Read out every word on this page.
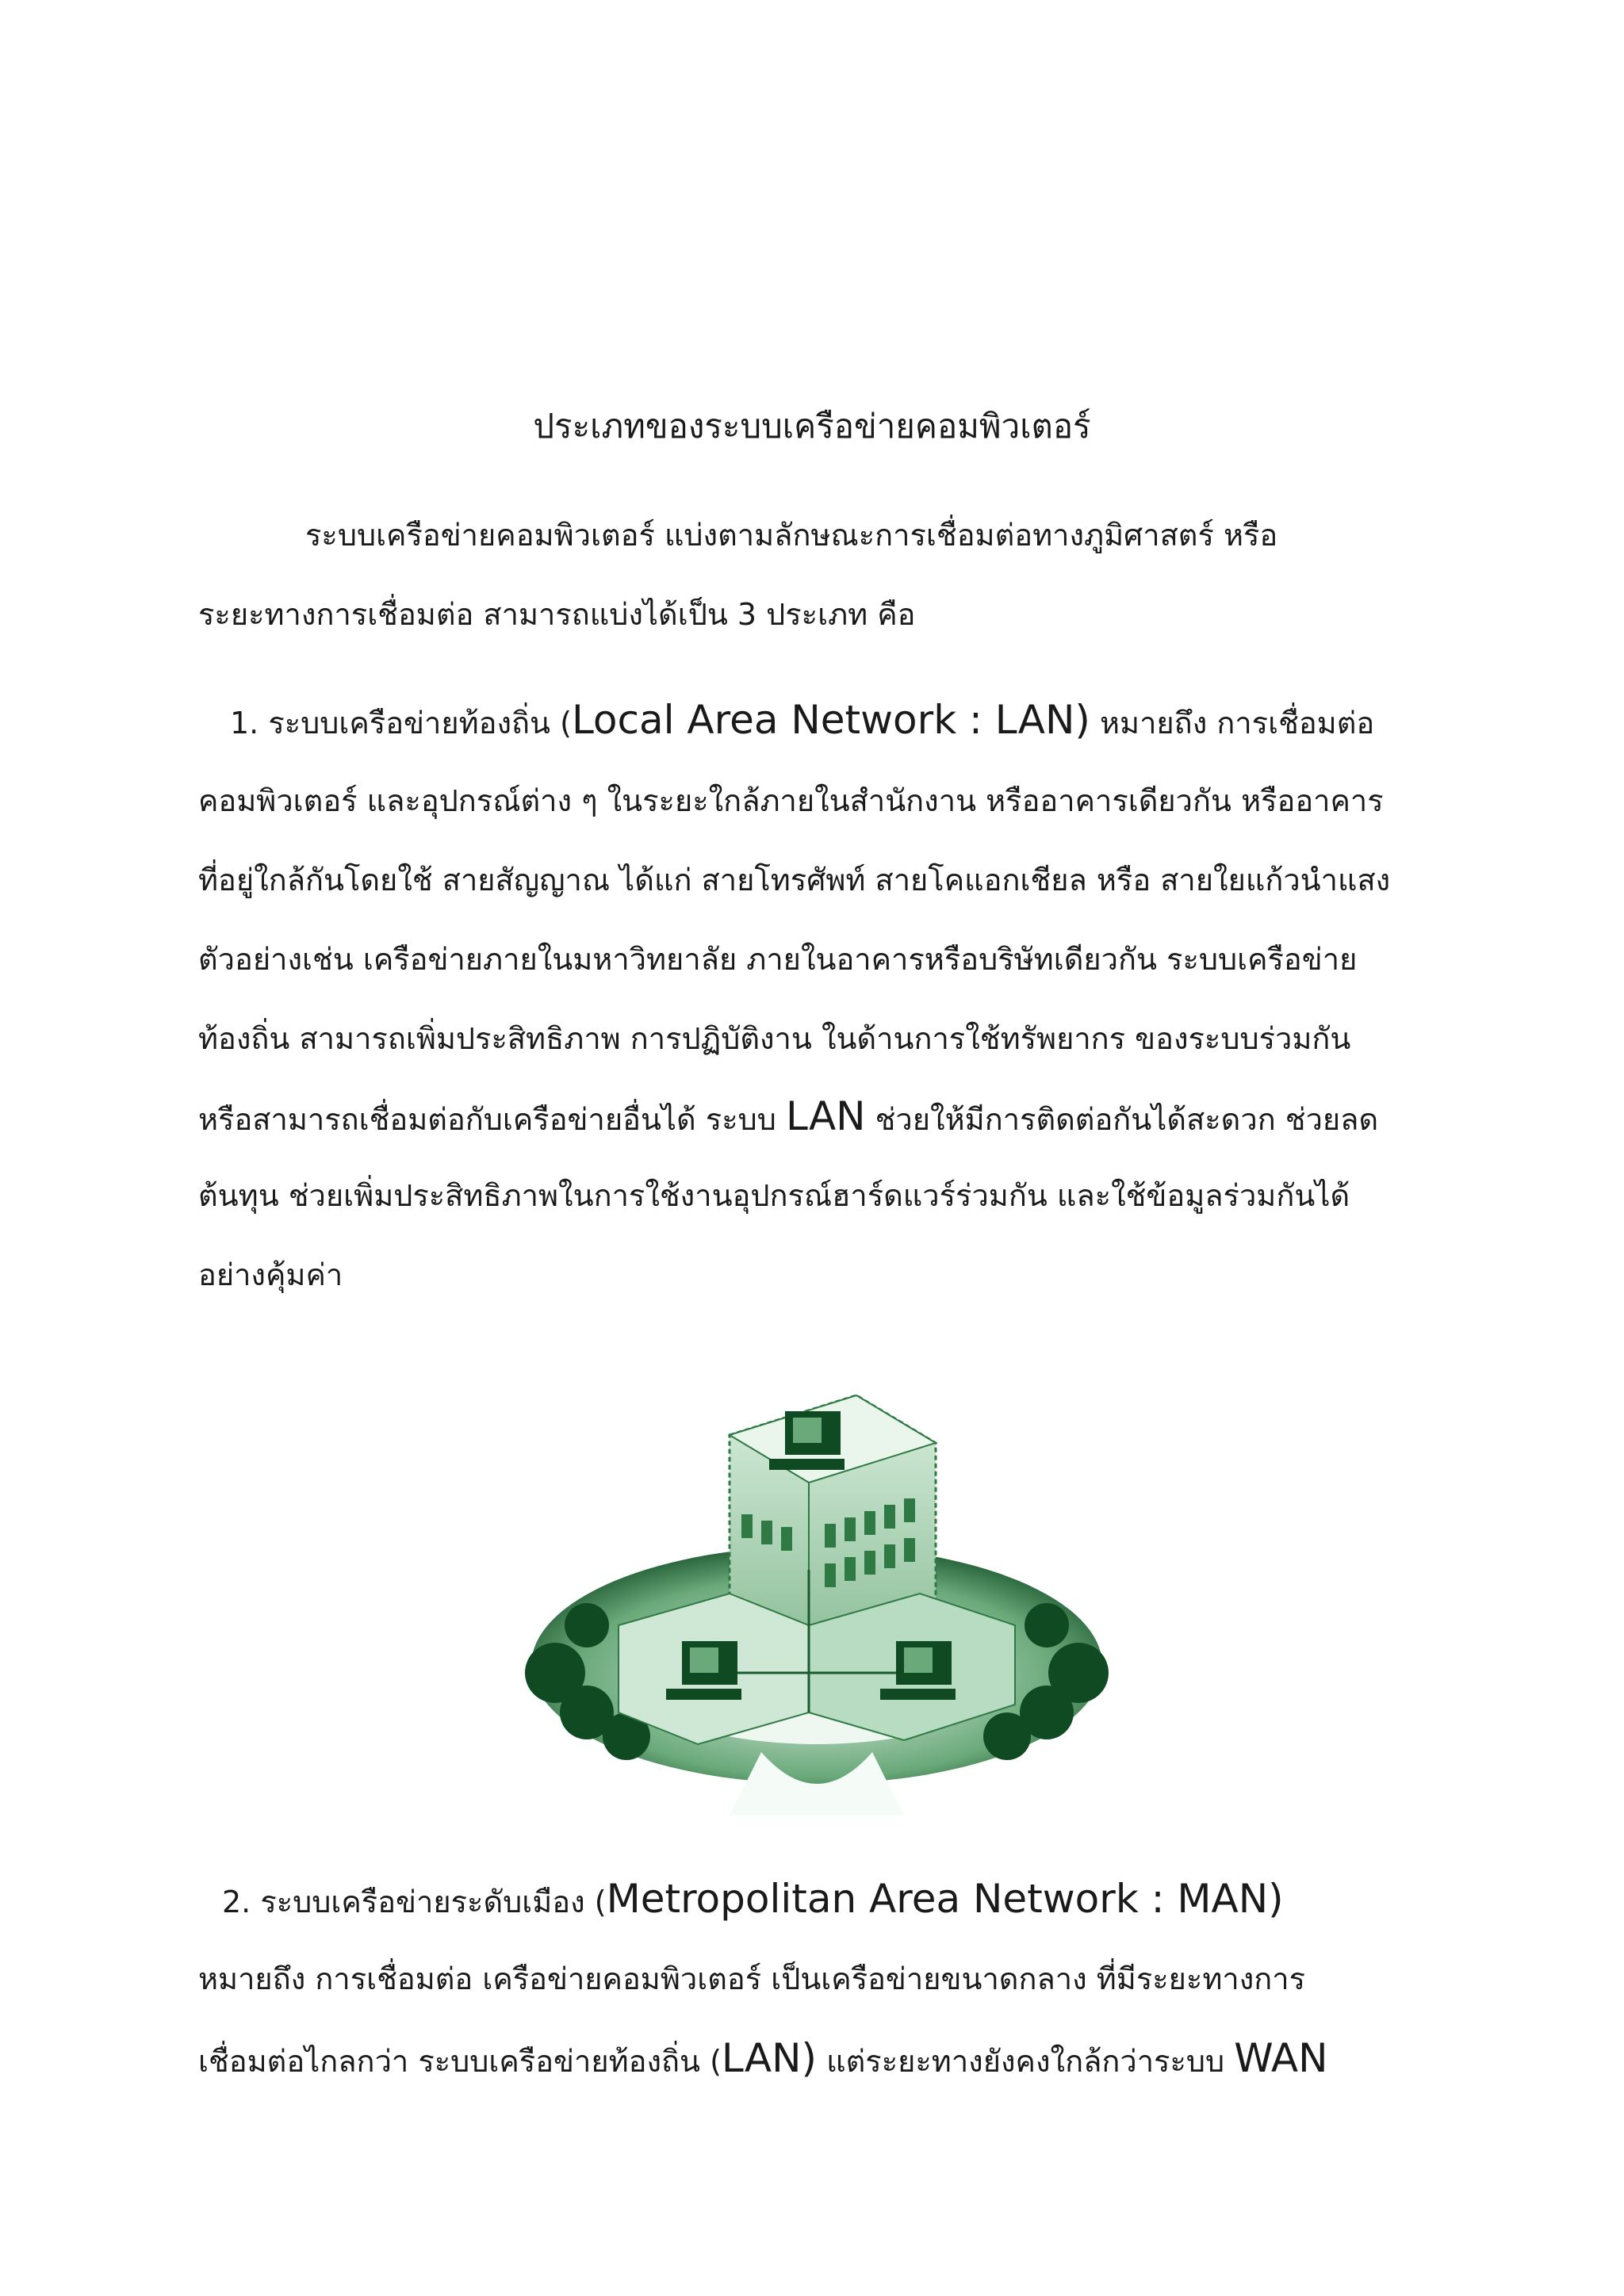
ประเภทของระบบเครือข่ายคอมพิวเตอร์
ระบบเครือข่ายคอมพิวเตอร์ แบ่งตามลักษณะการเชื่อมต่อทางภูมิศาสตร์ หรือ
ระยะทางการเชื่อมต่อ สามารถแบ่งได้เป็น 3 ประเภท คือ
1. ระบบเครือข่ายท้องถิ่น (Local Area Network : LAN) หมายถึง การเชื่อมต่อ
คอมพิวเตอร์ และอุปกรณ์ต่าง ๆ ในระยะใกล้ภายในสำนักงาน หรืออาคารเดียวกัน หรืออาคาร
ที่อยู่ใกล้กันโดยใช้ สายสัญญาณ ได้แก่ สายโทรศัพท์ สายโคแอกเชียล หรือ สายใยแก้วนำแสง
ตัวอย่างเช่น เครือข่ายภายในมหาวิทยาลัย ภายในอาคารหรือบริษัทเดียวกัน ระบบเครือข่าย
ท้องถิ่น สามารถเพิ่มประสิทธิภาพ การปฏิบัติงาน ในด้านการใช้ทรัพยากร ของระบบร่วมกัน
หรือสามารถเชื่อมต่อกับเครือข่ายอื่นได้ ระบบ LAN ช่วยให้มีการติดต่อกันได้สะดวก ช่วยลด
ต้นทุน ช่วยเพิ่มประสิทธิภาพในการใช้งานอุปกรณ์ฮาร์ดแวร์ร่วมกัน และใช้ข้อมูลร่วมกันได้
อย่างคุ้มค่า
2. ระบบเครือข่ายระดับเมือง (Metropolitan Area Network : MAN)
หมายถึง การเชื่อมต่อ เครือข่ายคอมพิวเตอร์ เป็นเครือข่ายขนาดกลาง ที่มีระยะทางการ
เชื่อมต่อไกลกว่า ระบบเครือข่ายท้องถิ่น (LAN) แต่ระยะทางยังคงใกล้กว่าระบบ WAN
